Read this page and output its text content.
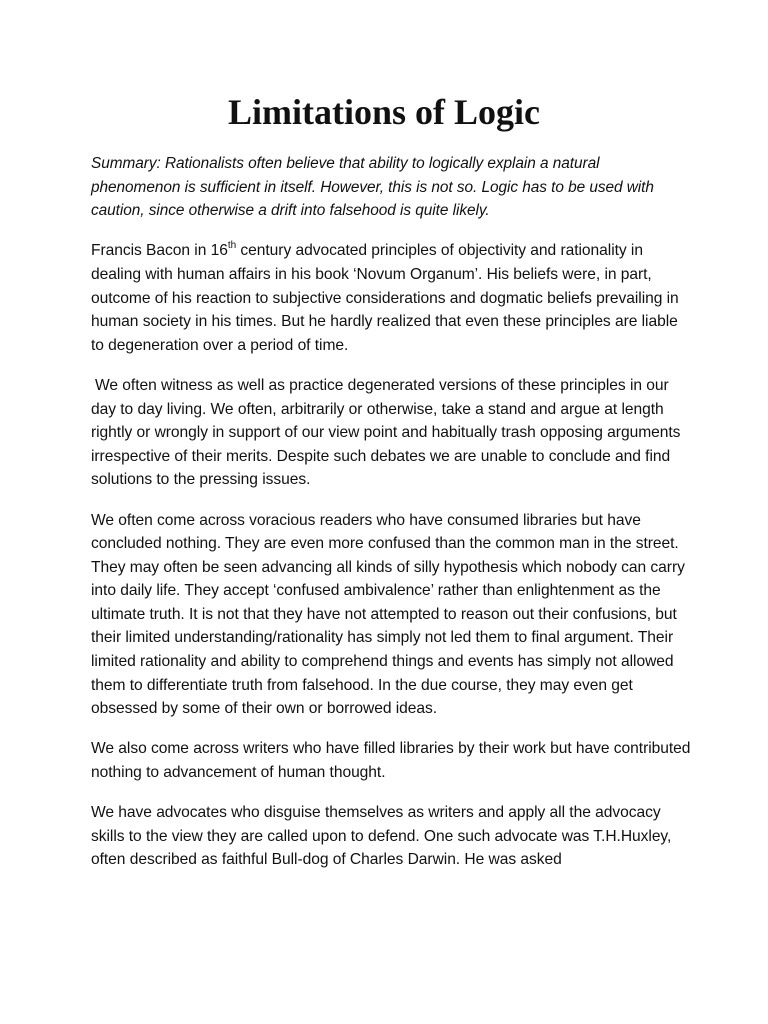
Limitations of Logic

Summary: Rationalists often believe that ability to logically explain a natural phenomenon is sufficient in itself. However, this is not so. Logic has to be used with caution, since otherwise a drift into falsehood is quite likely.

Francis Bacon in 16th century advocated principles of objectivity and rationality in dealing with human affairs in his book ‘Novum Organum’. His beliefs were, in part, outcome of his reaction to subjective considerations and dogmatic beliefs prevailing in human society in his times. But he hardly realized that even these principles are liable to degeneration over a period of time.

We often witness as well as practice degenerated versions of these principles in our day to day living. We often, arbitrarily or otherwise, take a stand and argue at length rightly or wrongly in support of our view point and habitually trash opposing arguments irrespective of their merits. Despite such debates we are unable to conclude and find solutions to the pressing issues.

We often come across voracious readers who have consumed libraries but have concluded nothing. They are even more confused than the common man in the street. They may often be seen advancing all kinds of silly hypothesis which nobody can carry into daily life. They accept ‘confused ambivalence’ rather than enlightenment as the ultimate truth. It is not that they have not attempted to reason out their confusions, but their limited understanding/rationality has simply not led them to final argument. Their limited rationality and ability to comprehend things and events has simply not allowed them to differentiate truth from falsehood. In the due course, they may even get obsessed by some of their own or borrowed ideas.

We also come across writers who have filled libraries by their work but have contributed nothing to advancement of human thought.

We have advocates who disguise themselves as writers and apply all the advocacy skills to the view they are called upon to defend. One such advocate was T.H.Huxley, often described as faithful Bull-dog of Charles Darwin. He was asked
